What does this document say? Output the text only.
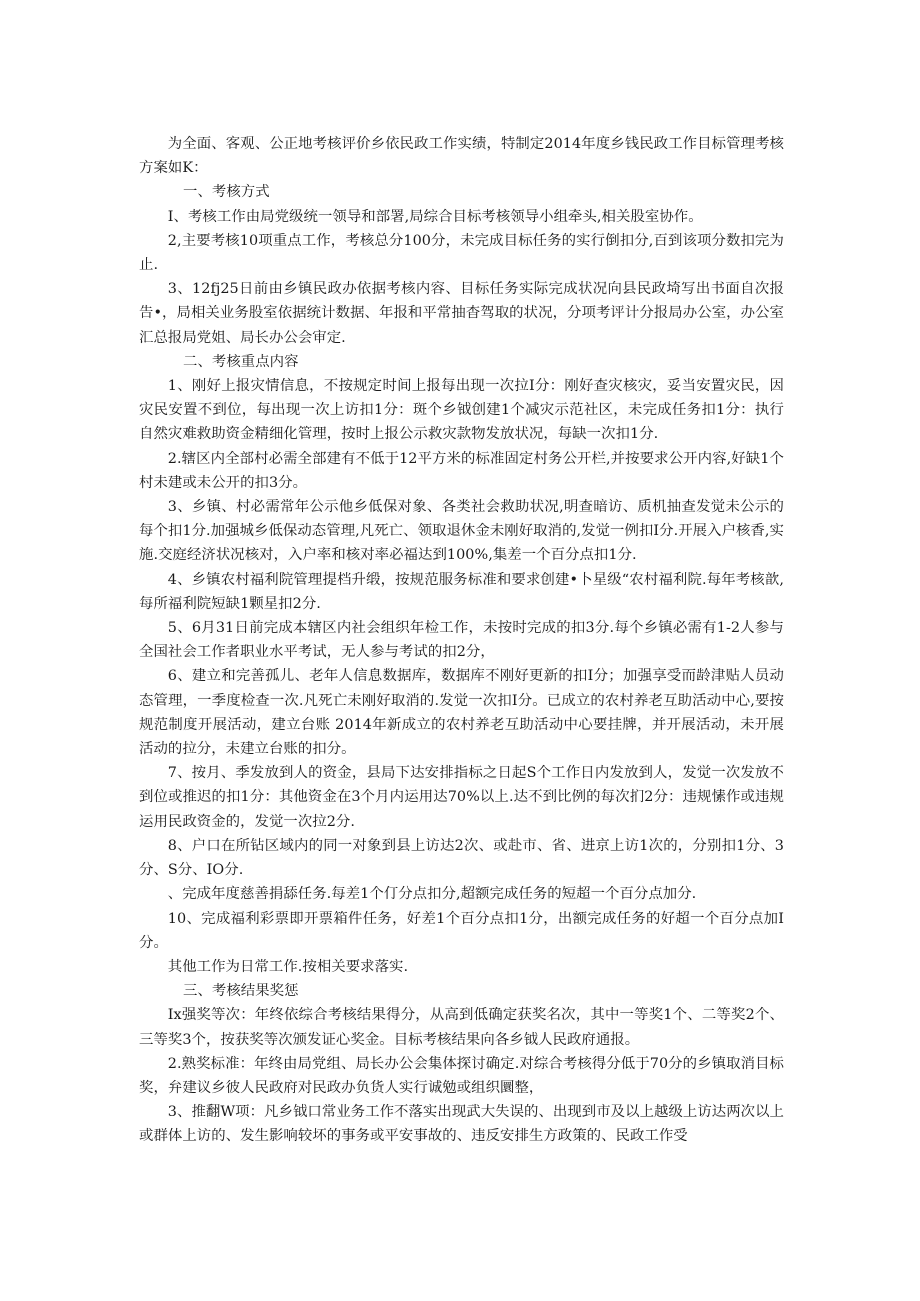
为全面、客观、公正地考核评价乡依民政工作实绩，特制定2014年度乡钱民政工作目标管理考核方案如K：

一、考核方式

I、考核工作由局党级统一领导和部署,局综合目标考核领导小组牵头,相关股室协作。

2,主要考核10项重点工作，考核总分100分，未完成目标任务的实行倒扣分,百到该项分数扣完为止.

3、12fj25日前由乡镇民政办依据考核内容、目标任务实际完成状况向县民政埼写出书面自次报告•，局相关业务股室依据统计数据、年报和平常抽杳驾取的状况，分项考评计分报局办公室，办公室汇总报局党姐、局长办公会审定.

二、考核重点内容

1、刚好上报灾情信息，不按规定时间上报每出现一次拉I分：刚好查灾核灾，妥当安置灾民，因灾民安置不到位，每出现一次上访扣1分：斑个乡钺创建1个减灾示范社区，未完成任务扣1分：执行自然灾难救助资金精细化管理，按时上报公示救灾款物发放状况，每缺一次扣1分.

2.辖区内全部村必需全部建有不低于12平方米的标准固定村务公开栏,并按要求公开内容,好缺1个村未建或未公开的扣3分。

3、乡镇、村必需常年公示他乡低保对象、各类社会救助状况,明查暗访、质机抽查发觉未公示的每个扣1分.加强城乡低保动态管理,凡死亡、领取退休金未刚好取消的,发觉一例扣I分.开展入户核香,实施.交庭经济状况核对，入户率和核对率必福达到100%,集差一个百分点扣1分.

4、乡镇农村福利院管理提档升缎，按规范服务标准和要求创建•卜星级“农村福利院.每年考核歆,每所福利院短缺1颗星扣2分.

5、6月31日前完成本辖区内社会组织年检工作，未按时完成的扣3分.每个乡镇必需有1-2人参与全国社会工作者职业水平考试，无人参与考试的扣2分，

6、建立和完善孤儿、老年人信息数据库，数据库不刚好更新的扣I分；加强享受而龄津贴人员动态管理，一季度检查一次.凡死亡未刚好取消的.发觉一次扣I分。已成立的农村养老互助活动中心,要按规范制度开展活动，建立台账 2014年新成立的农村养老互助活动中心要挂牌，并开展活动，未开展活动的拉分，未建立台账的扣分。

7、按月、季发放到人的资金，县局下达安排指标之日起S个工作日内发放到人，发觉一次发放不到位或推迟的扣1分：其他资金在3个月内运用达70%以上.达不到比例的每次扪2分：违规愫作或违规运用民政资金的，发觉一次拉2分.

8、户口在所钻区域内的同一对象到县上访达2次、或赴市、省、进京上访1次的，分别扣1分、3分、S分、IO分.

、完成年度慈善捐舔任务.每差1个仃分点扣分,超额完成任务的短超一个百分点加分.

10、完成福利彩票即开票箱件任务，好差1个百分点扣1分，出额完成任务的好超一个百分点加I分。

其他工作为日常工作.按相关要求落实.

三、考核结果奖惩

Ix强奖等次：年终依综合考核结果得分，从高到低确定获奖名次，其中一等奖1个、二等奖2个、三等奖3个，按获奖等次颁发证心奖金。目标考核结果向各乡钺人民政府通报。

2.熟奖标准：年终由局党组、局长办公会集体探讨确定.对综合考核得分低于70分的乡镇取消目标奖，弁建议乡彼人民政府对民政办负货人实行诚勉或组织圜整，

3、推翻W项：凡乡钺口常业务工作不落实出现武大失误的、出现到市及以上越级上访达两次以上或群体上访的、发生影响较坏的事务或平安事故的、违反安排生方政策的、民政工作受
